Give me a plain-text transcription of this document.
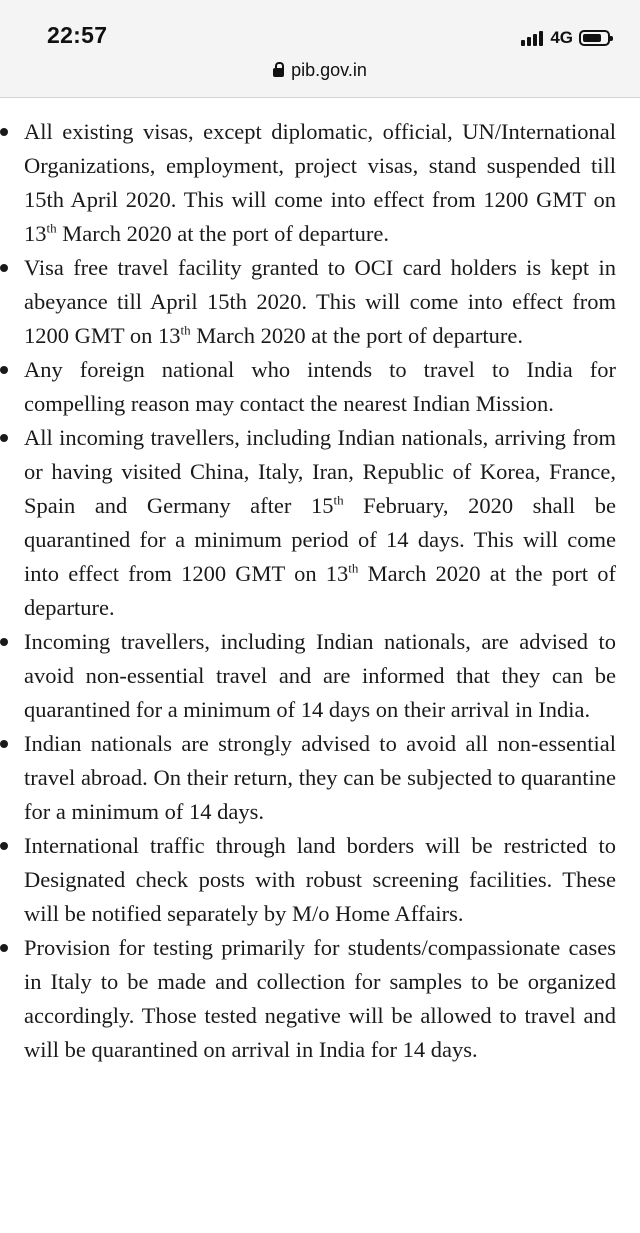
22:57	4G
pib.gov.in
All existing visas, except diplomatic, official, UN/International Organizations, employment, project visas, stand suspended till 15th April 2020. This will come into effect from 1200 GMT on 13th March 2020 at the port of departure.
Visa free travel facility granted to OCI card holders is kept in abeyance till April 15th 2020. This will come into effect from 1200 GMT on 13th March 2020 at the port of departure.
Any foreign national who intends to travel to India for compelling reason may contact the nearest Indian Mission.
All incoming travellers, including Indian nationals, arriving from or having visited China, Italy, Iran, Republic of Korea, France, Spain and Germany after 15th February, 2020 shall be quarantined for a minimum period of 14 days. This will come into effect from 1200 GMT on 13th March 2020 at the port of departure.
Incoming travellers, including Indian nationals, are advised to avoid non-essential travel and are informed that they can be quarantined for a minimum of 14 days on their arrival in India.
Indian nationals are strongly advised to avoid all non-essential travel abroad. On their return, they can be subjected to quarantine for a minimum of 14 days.
International traffic through land borders will be restricted to Designated check posts with robust screening facilities. These will be notified separately by M/o Home Affairs.
Provision for testing primarily for students/compassionate cases in Italy to be made and collection for samples to be organized accordingly. Those tested negative will be allowed to travel and will be quarantined on arrival in India for 14 days.
